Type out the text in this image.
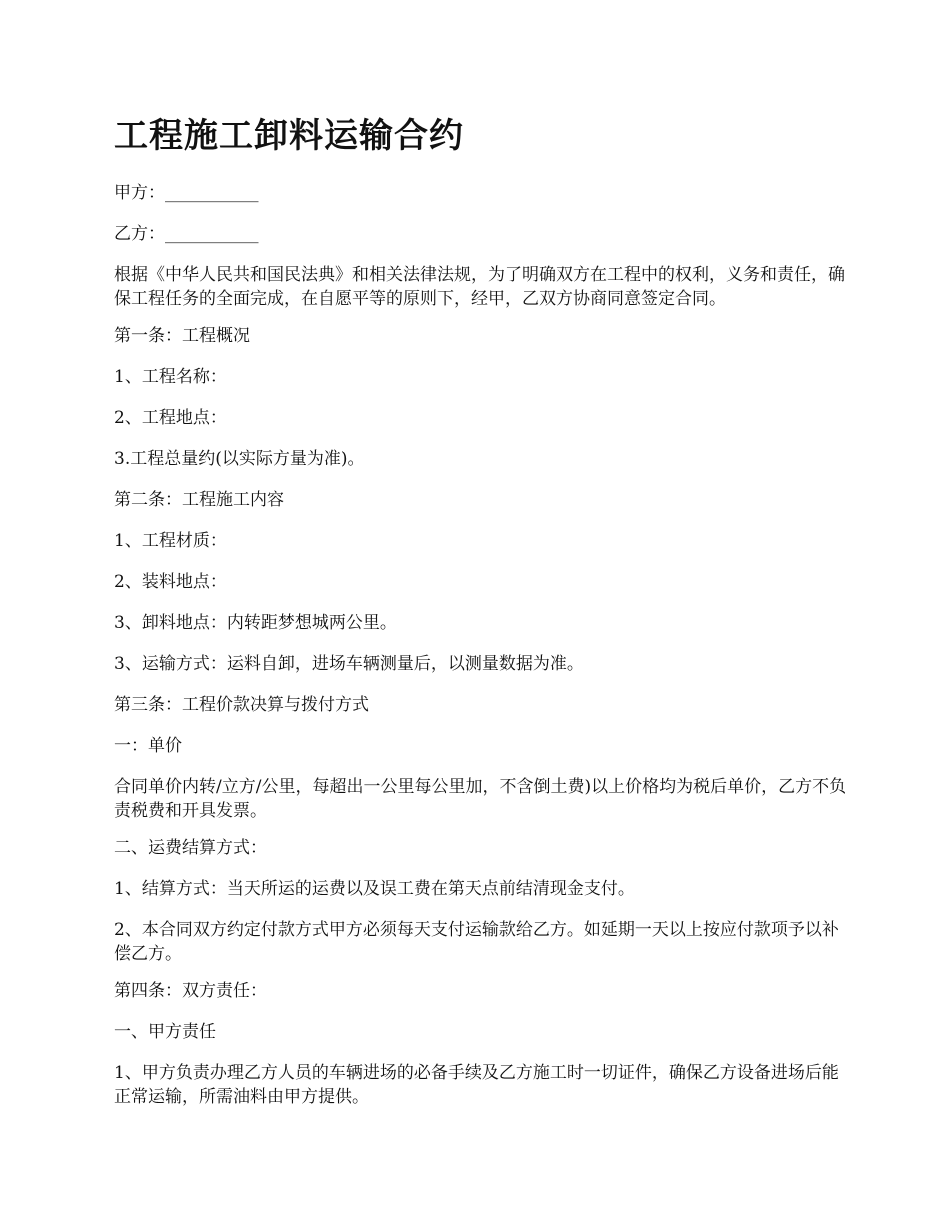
工程施工卸料运输合约

甲方：___________

乙方：___________

根据《中华人民共和国民法典》和相关法律法规，为了明确双方在工程中的权利，义务和责任，确保工程任务的全面完成，在自愿平等的原则下，经甲，乙双方协商同意签定合同。

第一条：工程概况

1、工程名称：

2、工程地点：

3.工程总量约(以实际方量为准)。

第二条：工程施工内容

1、工程材质：

2、装料地点：

3、卸料地点：内转距梦想城两公里。

3、运输方式：运料自卸，进场车辆测量后，以测量数据为准。

第三条：工程价款决算与拨付方式

一：单价

合同单价内转/立方/公里，每超出一公里每公里加，不含倒土费)以上价格均为税后单价，乙方不负责税费和开具发票。

二、运费结算方式：

1、结算方式：当天所运的运费以及误工费在第天点前结清现金支付。

2、本合同双方约定付款方式甲方必须每天支付运输款给乙方。如延期一天以上按应付款项予以补偿乙方。

第四条：双方责任：

一、甲方责任

1、甲方负责办理乙方人员的车辆进场的必备手续及乙方施工时一切证件，确保乙方设备进场后能正常运输，所需油料由甲方提供。
